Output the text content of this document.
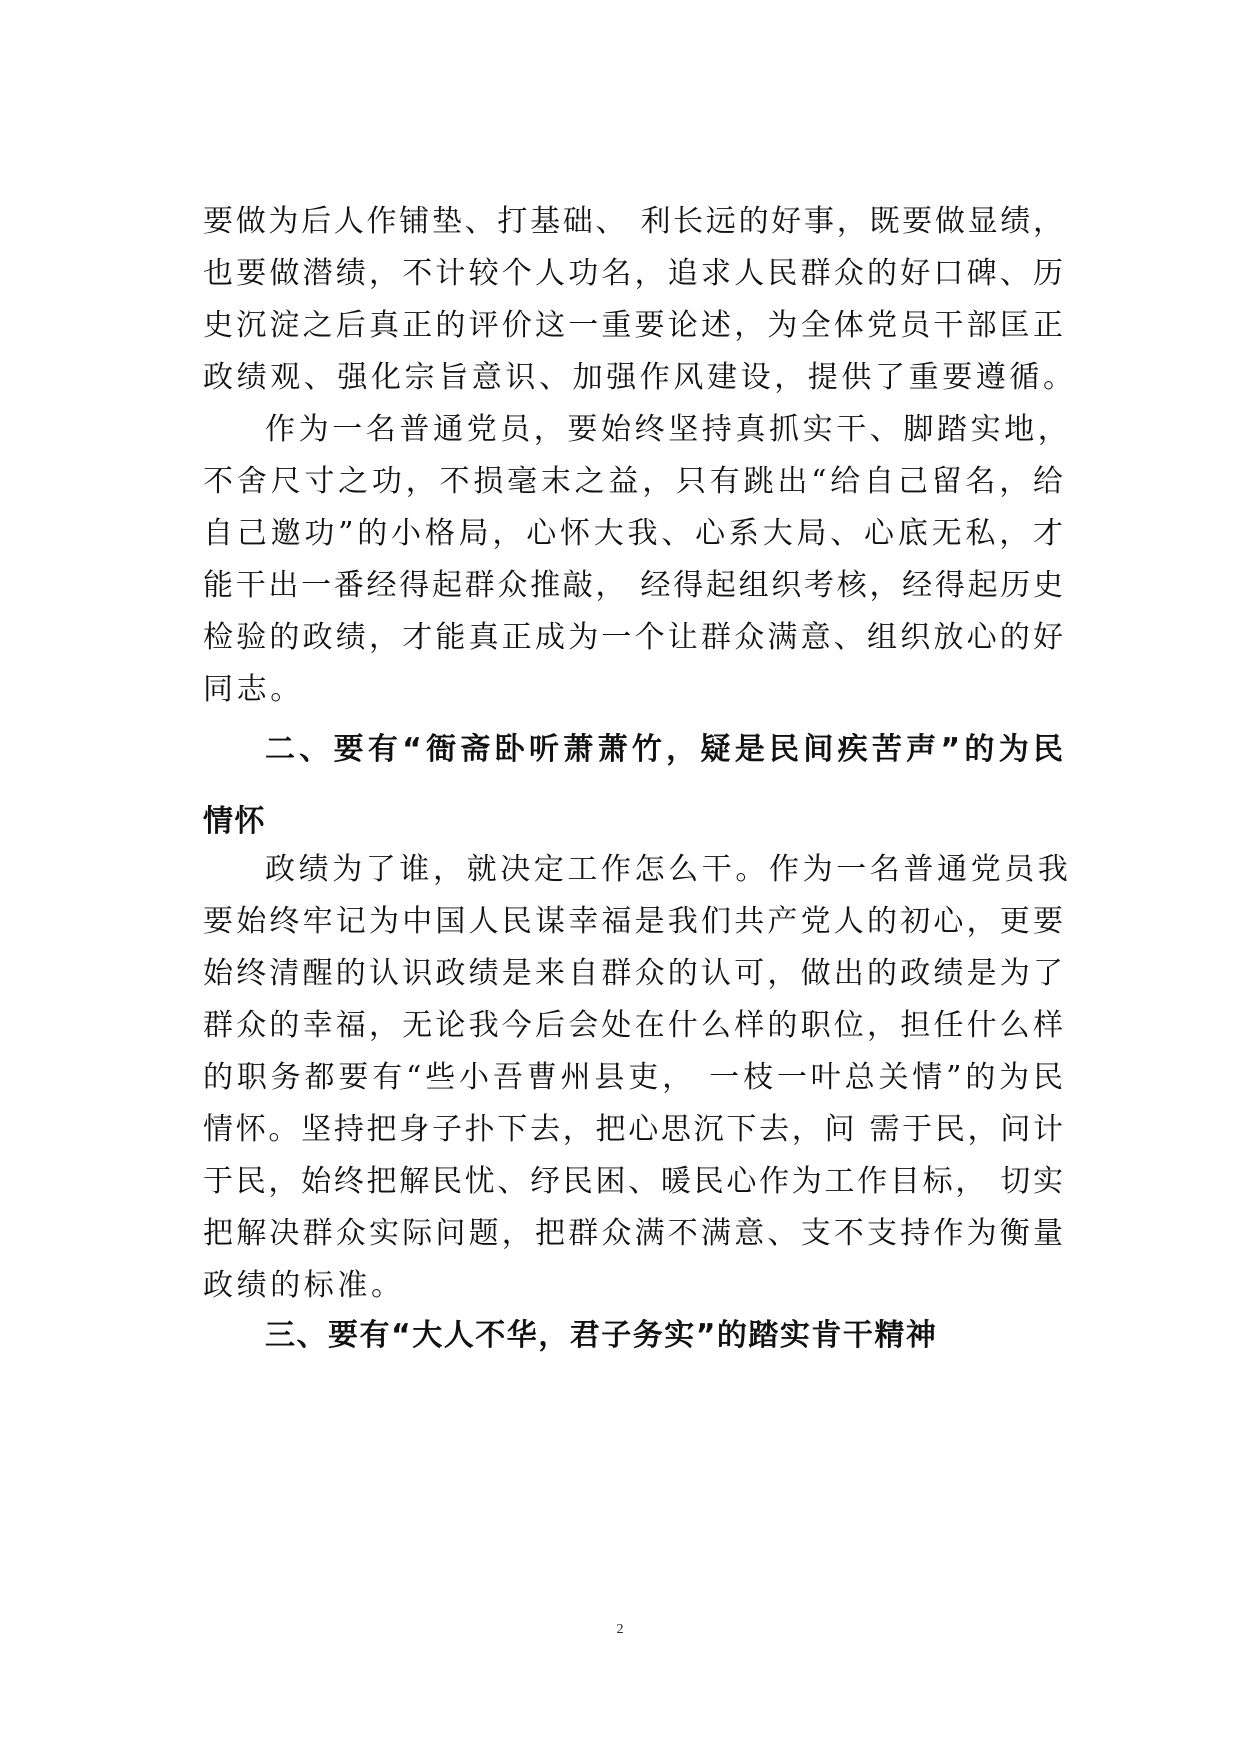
要做为后人作铺垫、打基础、 利长远的好事，既要做显绩，
也要做潜绩，不计较个人功名，追求人民群众的好口碑、历
史沉淀之后真正的评价这一重要论述，为全体党员干部匡正
政绩观、强化宗旨意识、加强作风建设，提供了重要遵循。
作为一名普通党员，要始终坚持真抓实干、脚踏实地，
不舍尺寸之功，不损毫末之益，只有跳出“给自己留名，给
自己邀功”的小格局，心怀大我、心系大局、心底无私，才
能干出一番经得起群众推敲， 经得起组织考核，经得起历史
检验的政绩，才能真正成为一个让群众满意、组织放心的好
同志。
二、要有“衙斋卧听萧萧竹，疑是民间疾苦声”的为民
情怀
政绩为了谁，就决定工作怎么干。作为一名普通党员我
要始终牢记为中国人民谋幸福是我们共产党人的初心，更要
始终清醒的认识政绩是来自群众的认可，做出的政绩是为了
群众的幸福，无论我今后会处在什么样的职位，担任什么样
的职务都要有“些小吾曹州县吏， 一枝一叶总关情”的为民
情怀。坚持把身子扑下去，把心思沉下去，问 需于民，问计
于民，始终把解民忧、纾民困、暖民心作为工作目标， 切实
把解决群众实际问题，把群众满不满意、支不支持作为衡量
政绩的标准。
三、要有“大人不华，君子务实”的踏实肯干精神
2
